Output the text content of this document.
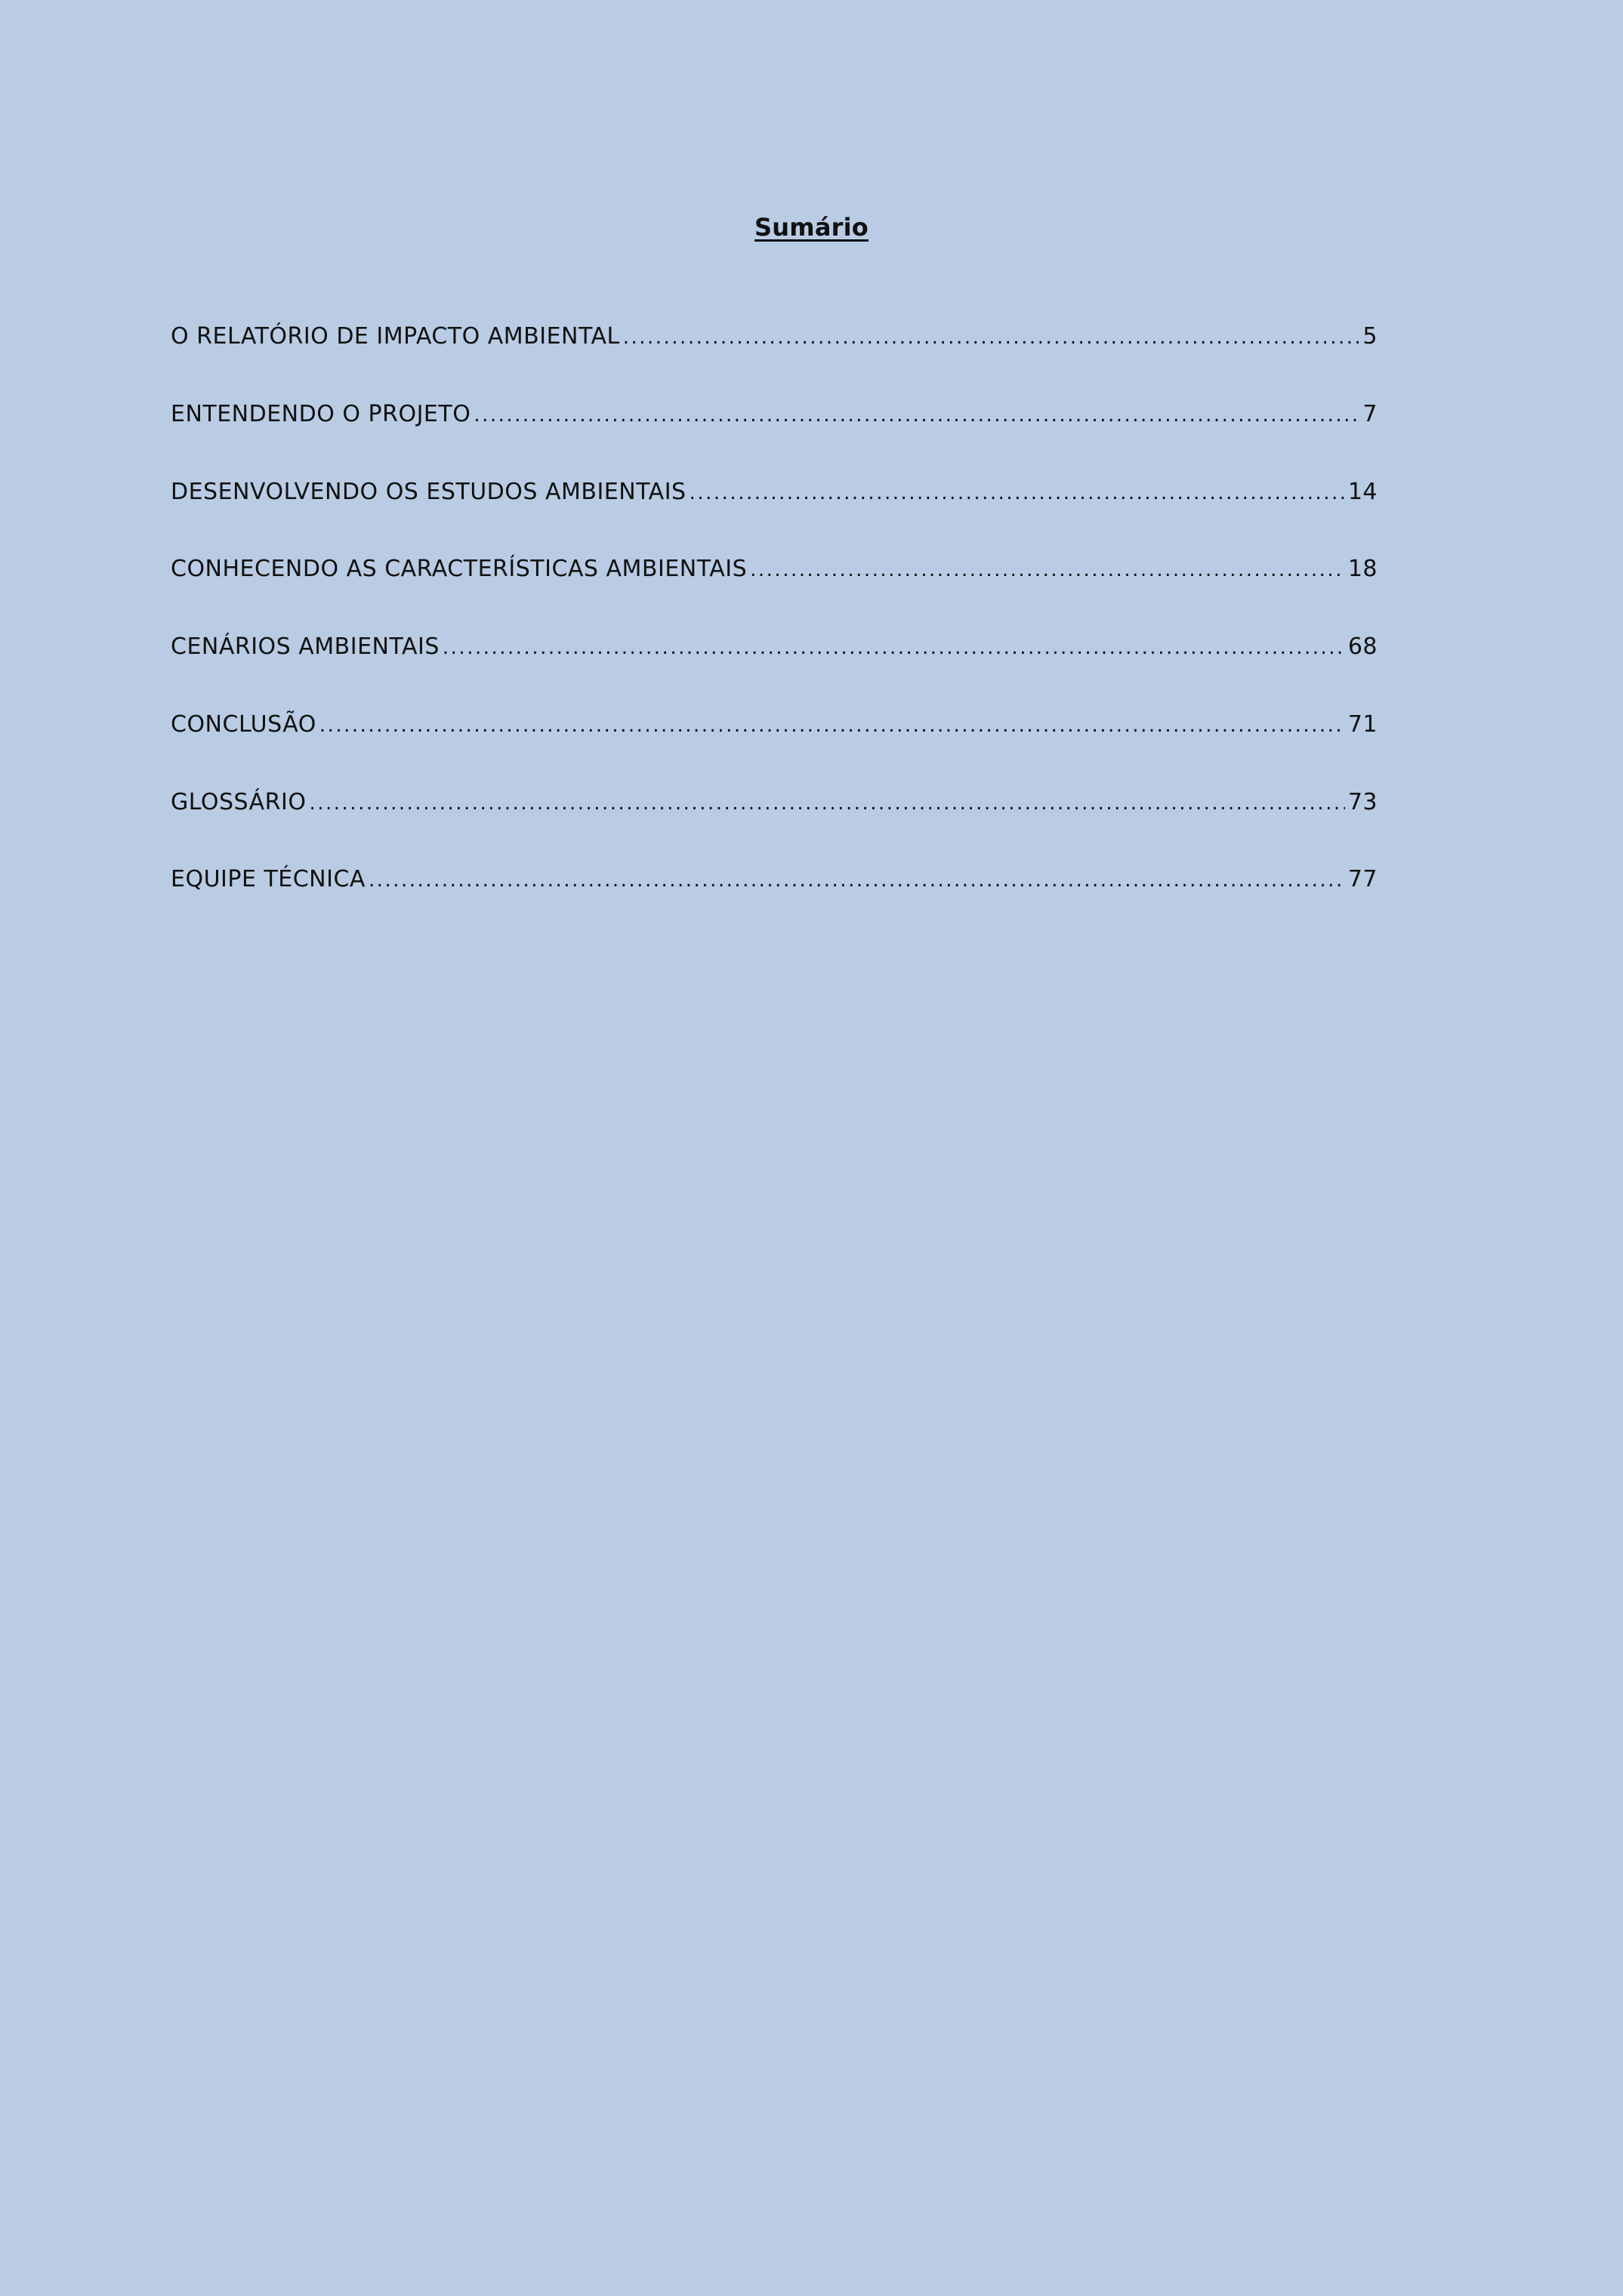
Sumário
O RELATÓRIO DE IMPACTO AMBIENTAL .....	5
ENTENDENDO O PROJETO .....	7
DESENVOLVENDO OS ESTUDOS AMBIENTAIS .....	14
CONHECENDO AS CARACTERÍSTICAS AMBIENTAIS .....	18
CENÁRIOS AMBIENTAIS .....	68
CONCLUSÃO .....	71
GLOSSÁRIO .....	73
EQUIPE TÉCNICA .....	77
